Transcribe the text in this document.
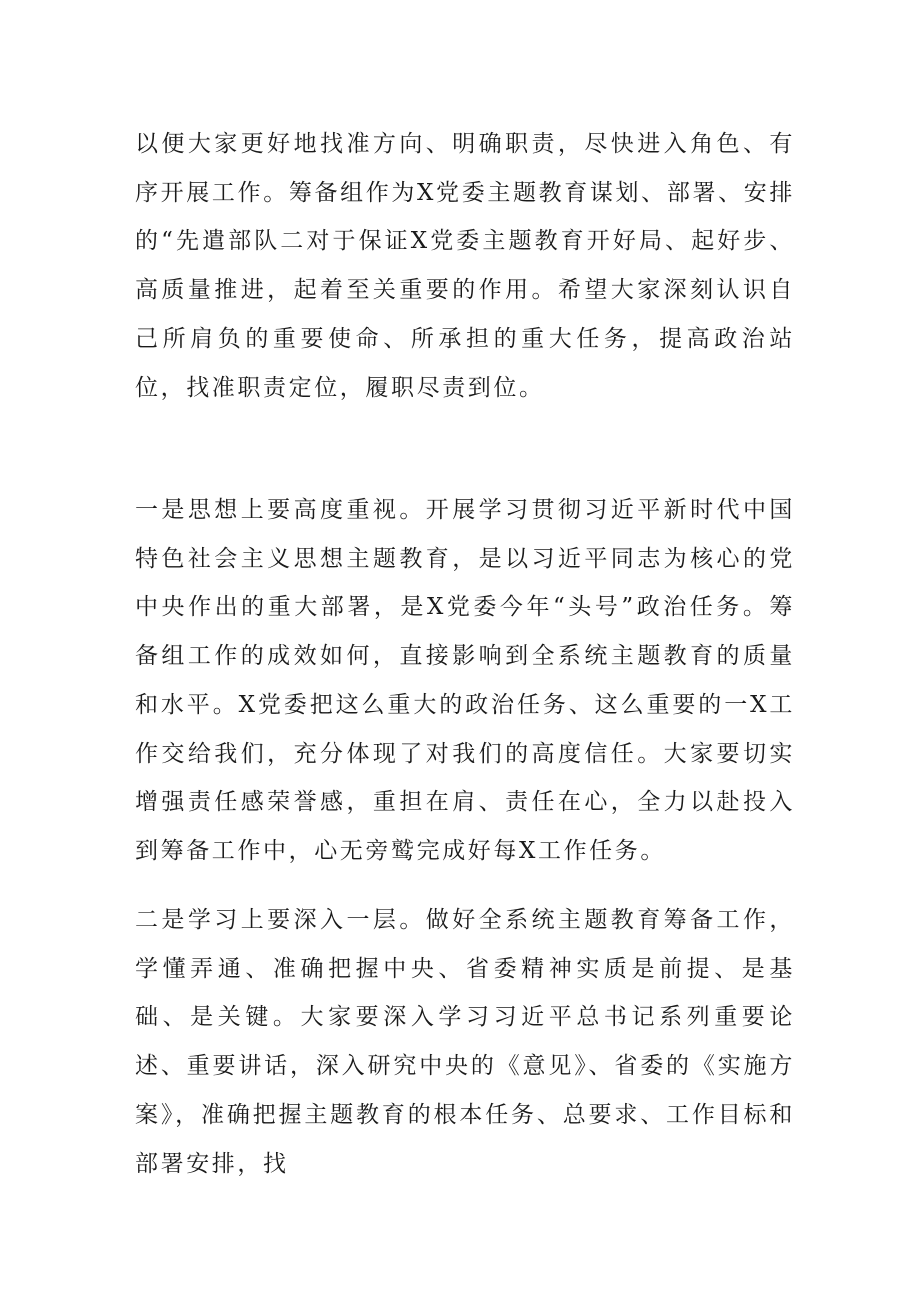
以便大家更好地找准方向、明确职责，尽快进入角色、有序开展工作。筹备组作为X党委主题教育谋划、部署、安排的“先遣部队二对于保证X党委主题教育开好局、起好步、高质量推进，起着至关重要的作用。希望大家深刻认识自己所肩负的重要使命、所承担的重大任务，提高政治站位，找准职责定位，履职尽责到位。

一是思想上要高度重视。开展学习贯彻习近平新时代中国特色社会主义思想主题教育，是以习近平同志为核心的党中央作出的重大部署，是X党委今年“头号”政治任务。筹备组工作的成效如何，直接影响到全系统主题教育的质量和水平。X党委把这么重大的政治任务、这么重要的一X工作交给我们，充分体现了对我们的高度信任。大家要切实增强责任感荣誉感，重担在肩、责任在心，全力以赴投入到筹备工作中，心无旁鹫完成好每X工作任务。

二是学习上要深入一层。做好全系统主题教育筹备工作，学懂弄通、准确把握中央、省委精神实质是前提、是基础、是关键。大家要深入学习习近平总书记系列重要论述、重要讲话，深入研究中央的《意见》、省委的《实施方案》，准确把握主题教育的根本任务、总要求、工作目标和部署安排，找
